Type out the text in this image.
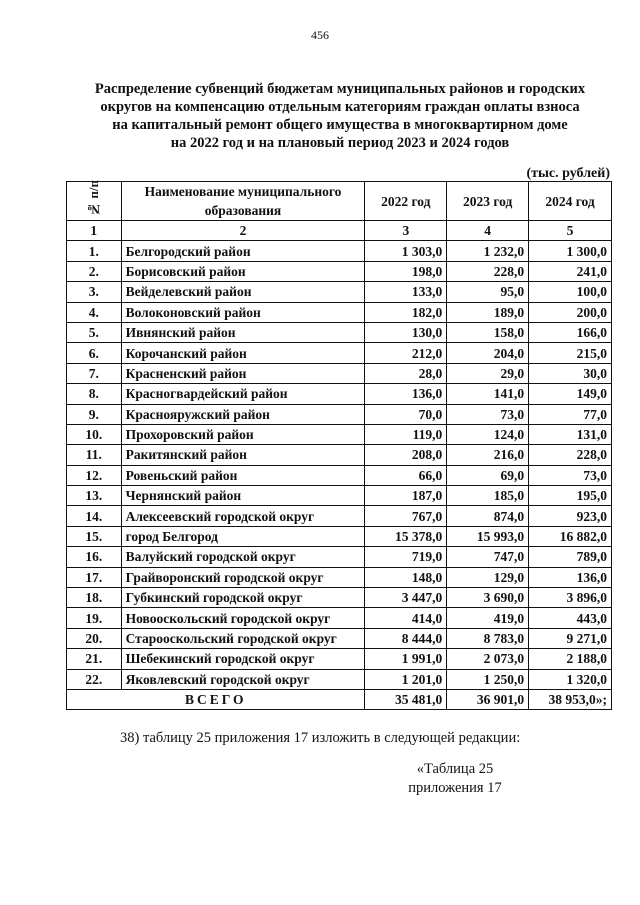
456
Распределение субвенций бюджетам муниципальных районов и городских
округов на компенсацию отдельным категориям граждан оплаты взноса
на капитальный ремонт общего имущества в многоквартирном доме
на 2022 год и на плановый период 2023 и 2024 годов
(тыс. рублей)
№ п/п	Наименование муниципального образования	2022 год	2023 год	2024 год
1	2	3	4	5
1.	Белгородский район	1 303,0	1 232,0	1 300,0
2.	Борисовский район	198,0	228,0	241,0
3.	Вейделевский район	133,0	95,0	100,0
4.	Волоконовский район	182,0	189,0	200,0
5.	Ивнянский район	130,0	158,0	166,0
6.	Корочанский район	212,0	204,0	215,0
7.	Красненский район	28,0	29,0	30,0
8.	Красногвардейский район	136,0	141,0	149,0
9.	Краснояружский район	70,0	73,0	77,0
10.	Прохоровский район	119,0	124,0	131,0
11.	Ракитянский район	208,0	216,0	228,0
12.	Ровеньский район	66,0	69,0	73,0
13.	Чернянский район	187,0	185,0	195,0
14.	Алексеевский городской округ	767,0	874,0	923,0
15.	город Белгород	15 378,0	15 993,0	16 882,0
16.	Валуйский городской округ	719,0	747,0	789,0
17.	Грайворонский городской округ	148,0	129,0	136,0
18.	Губкинский городской округ	3 447,0	3 690,0	3 896,0
19.	Новооскольский городской округ	414,0	419,0	443,0
20.	Старооскольский городской округ	8 444,0	8 783,0	9 271,0
21.	Шебекинский городской округ	1 991,0	2 073,0	2 188,0
22.	Яковлевский городской округ	1 201,0	1 250,0	1 320,0
ВСЕГО		35 481,0	36 901,0	38 953,0»;
38) таблицу 25 приложения 17 изложить в следующей редакции:
«Таблица 25
приложения 17
